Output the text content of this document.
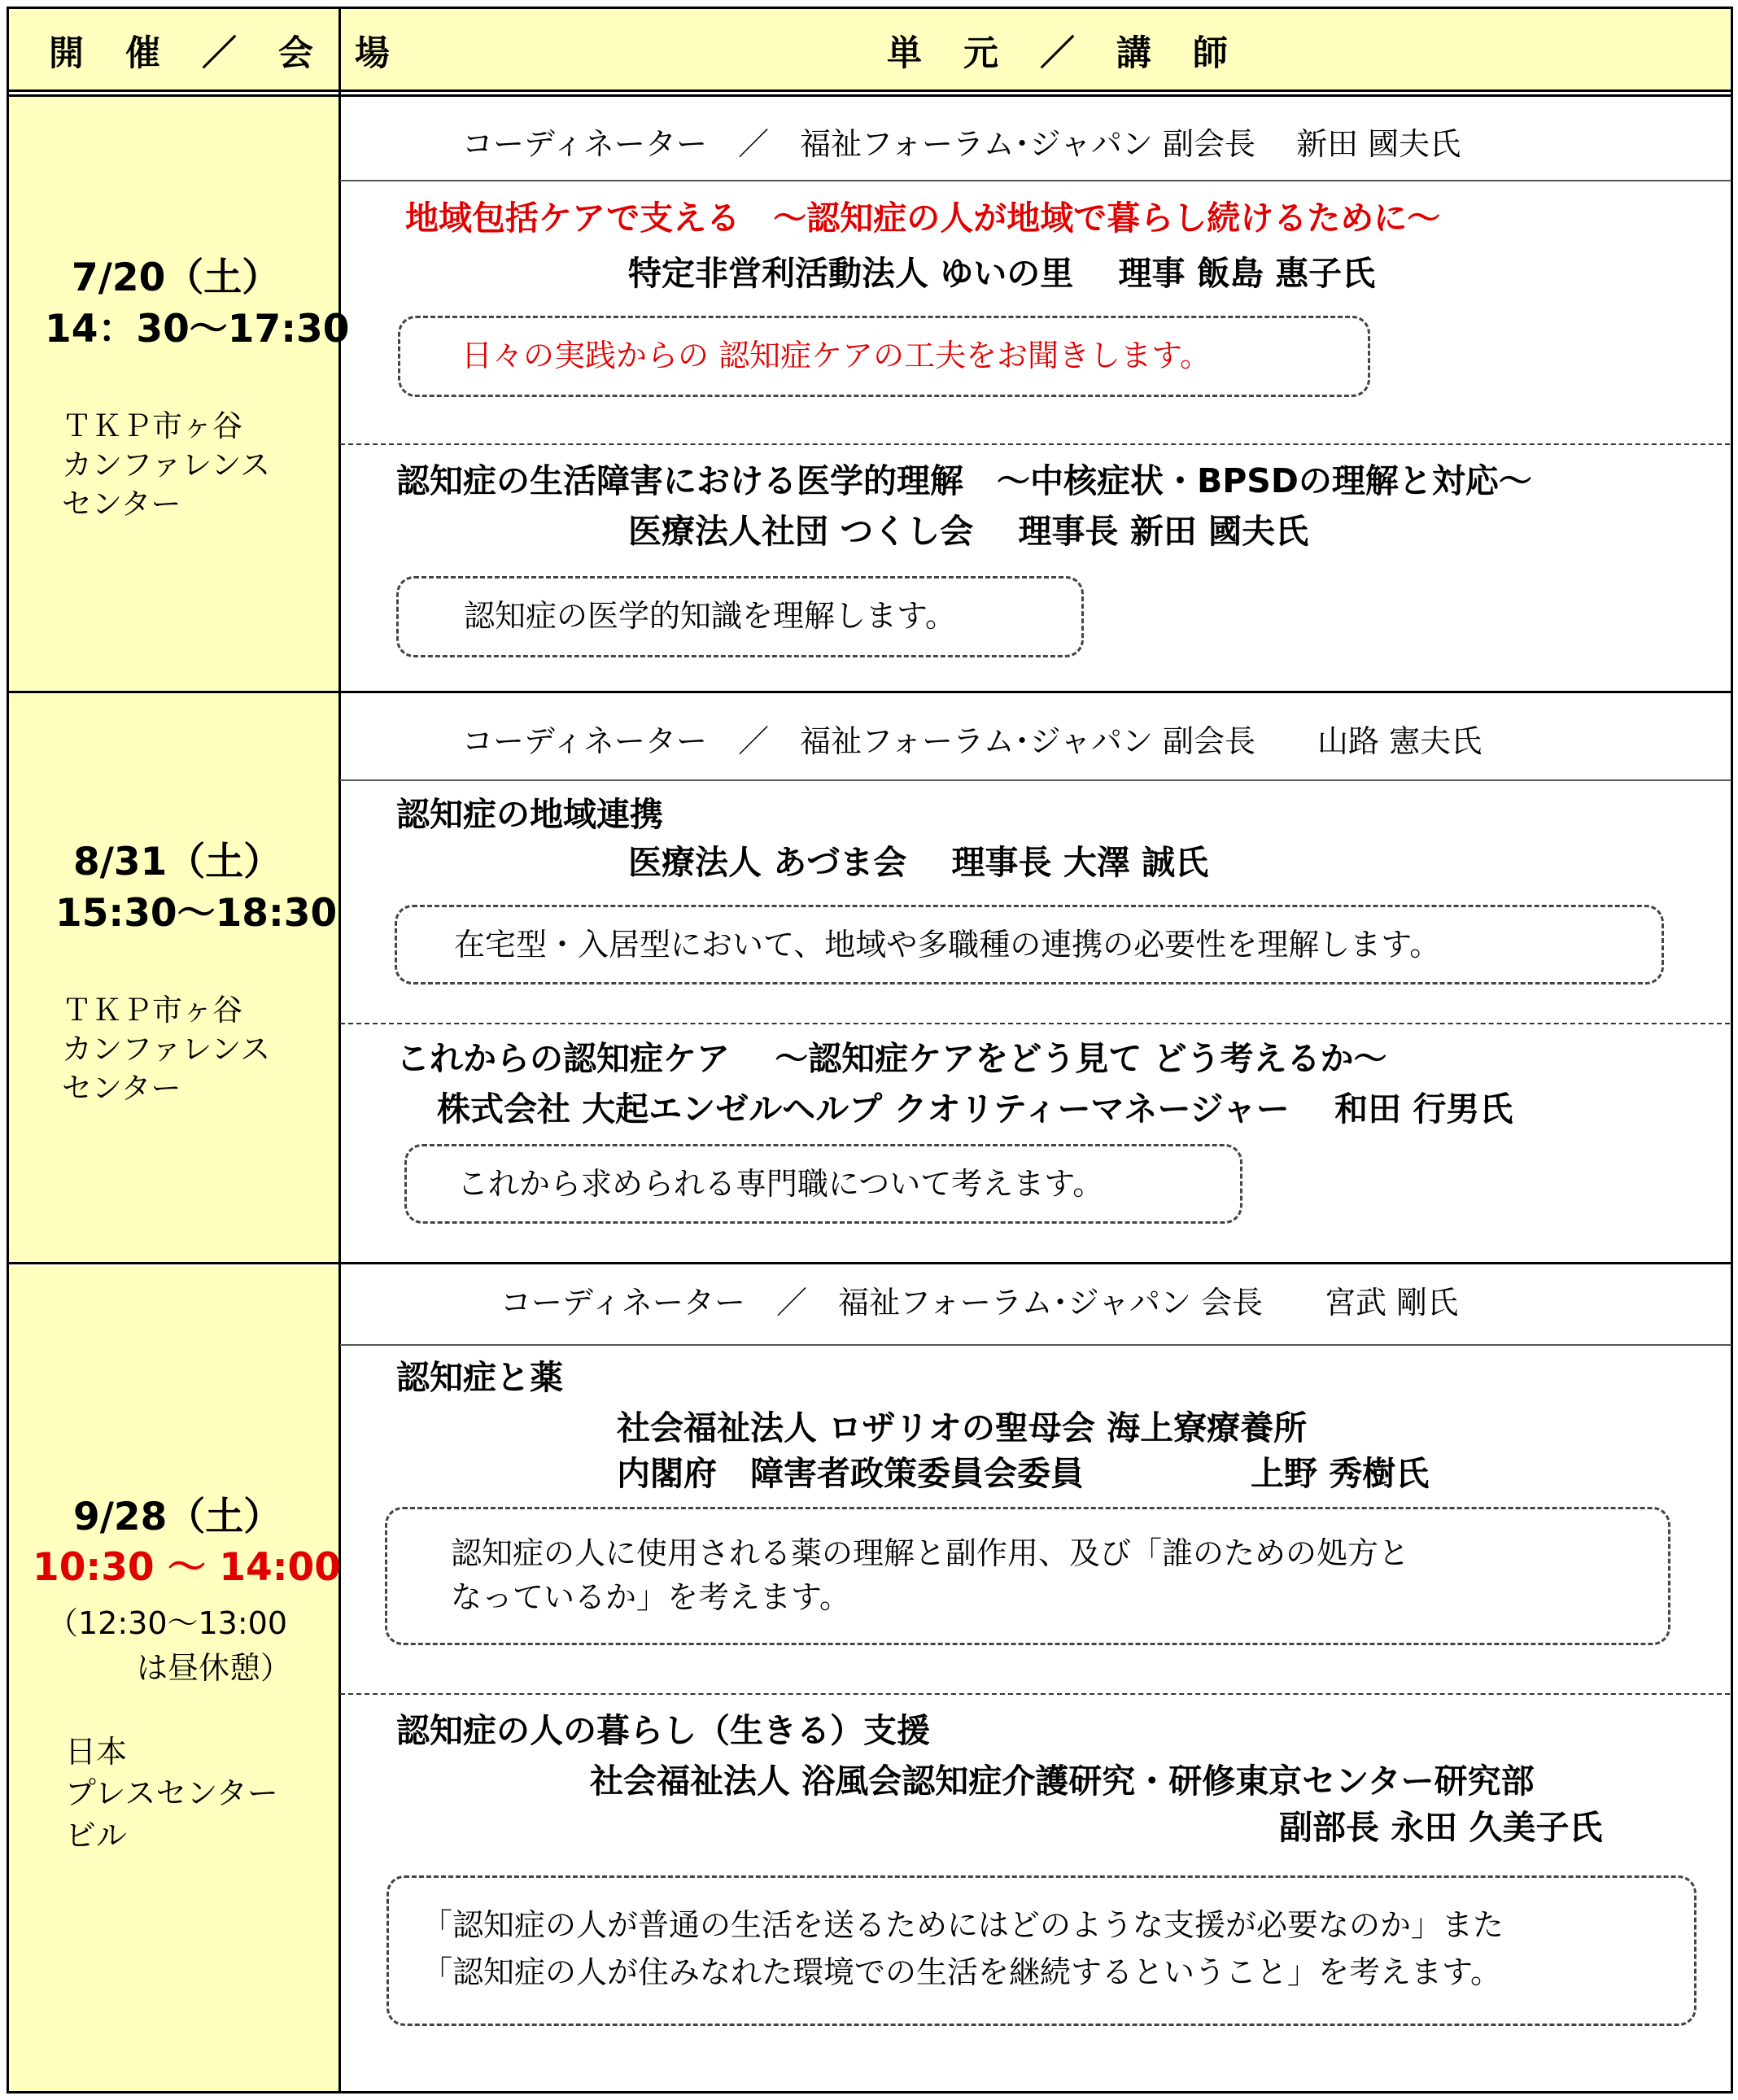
開 催 ／ 会 場	単 元 ／ 講 師
7/20（土）
14：30～17:30
ＴＫＰ市ヶ谷
カンファレンス
センター
コーディネーター　／　福祉フォーラム･ジャパン 副会長　 新田 國夫氏
地域包括ケアで支える　～認知症の人が地域で暮らし続けるために～
特定非営利活動法人 ゆいの里　 理事 飯島 惠子氏
日々の実践からの 認知症ケアの工夫をお聞きします。
認知症の生活障害における医学的理解　～中核症状・BPSDの理解と対応～
医療法人社団 つくし会　 理事長 新田 國夫氏
認知症の医学的知識を理解します。
8/31（土）
15:30～18:30
ＴＫＰ市ヶ谷
カンファレンス
センター
コーディネーター　／　福祉フォーラム･ジャパン 副会長　　山路 憲夫氏
認知症の地域連携
医療法人 あづま会　 理事長 大澤 誠氏
在宅型・入居型において、地域や多職種の連携の必要性を理解します。
これからの認知症ケア　 ～認知症ケアをどう見て どう考えるか～
株式会社 大起エンゼルヘルプ クオリティーマネージャー　 和田 行男氏
これから求められる専門職について考えます。
9/28（土）
10:30 ～ 14:00
（12:30～13:00
は昼休憩）
日本
プレスセンター
ビル
コーディネーター　／　福祉フォーラム･ジャパン 会長　　宮武 剛氏
認知症と薬
社会福祉法人 ロザリオの聖母会 海上寮療養所
内閣府　障害者政策委員会委員　　　　　上野 秀樹氏
認知症の人に使用される薬の理解と副作用、及び「誰のための処方と
なっているか」を考えます。
認知症の人の暮らし（生きる）支援
社会福祉法人 浴風会認知症介護研究・研修東京センター研究部
副部長 永田 久美子氏
「認知症の人が普通の生活を送るためにはどのような支援が必要なのか」また
「認知症の人が住みなれた環境での生活を継続するということ」を考えます。
